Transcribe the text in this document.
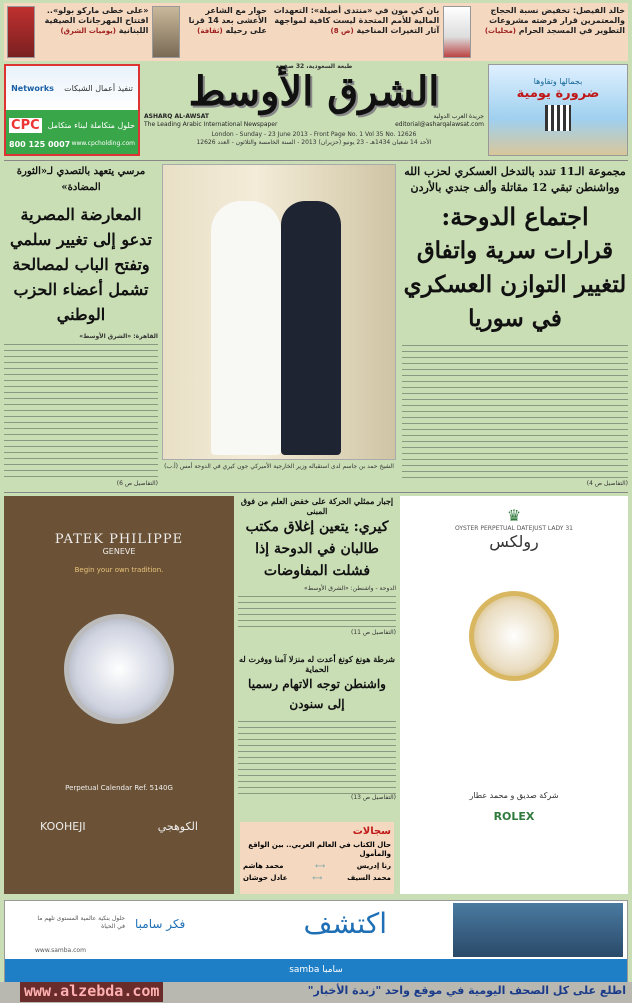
خالد الفيصل: تخفيض نسبة الحجاج والمعتمرين قرار فرضته مشروعات التطوير في المسجد الحرام (محليات)
بان كي مون في «منتدى أصيلة»: التعهدات المالية للأمم المتحدة ليست كافية لمواجهة آثار التغيرات المناخية (ص 8)
حوار مع الشاعر الأعشى بعد 14 قرنا على رحيله (ثقافة)
«على خطى ماركو بولو».. افتتاح المهرجانات الصيفية اللبنانية (يوميات الشرق)
بجمالها وتقاوها
ضرورة يومية
طبعة السعودية، 32 صفحة
الشرق الأوسط
ASHARQ AL-AWSAT	جريدة العرب الدولية
The Leading Arabic International Newspaper	editorial@asharqalawsat.com
London - Sunday - 23 June 2013 - Front Page No. 1 Vol 35 No. 12626
الأحد 14 شعبان 1434هـ - 23 يونيو (حزيران) 2013 - السنة الخامسة والثلاثون - العدد 12626
تنفيذ أعمال الشبكات
Networks
حلول متكاملة لبناء متكامل
CPC
800 125 0007 www.cpcholding.com
مجموعة الـ11 تندد بالتدخل العسكري لحزب الله وواشنطن تبقي 12 مقاتلة وألف جندي بالأردن
اجتماع الدوحة:
قرارات سرية واتفاق لتغيير التوازن العسكري في سوريا
(التفاصيل ص 4)
الشيخ حمد بن جاسم لدى استقباله وزير الخارجية الأميركي جون كيري في الدوحة أمس (أ.ب)
مرسي يتعهد بالتصدي لـ«الثورة المضادة»
المعارضة المصرية تدعو إلى تغيير سلمي وتفتح الباب لمصالحة تشمل أعضاء الحزب الوطني
القاهرة: «الشرق الأوسط»
(التفاصيل ص 6)
PATEK PHILIPPE
GENEVE
Begin your own tradition.
Perpetual Calendar Ref. 5140G
KOOHEJI	الكوهجي
إجبار ممثلي الحركة على خفض العلم من فوق المبنى
كيري: يتعين إغلاق مكتب طالبان في الدوحة إذا فشلت المفاوضات
الدوحة - واشنطن: «الشرق الأوسط»
(التفاصيل ص 11)
شرطة هونغ كونغ أعدت له منزلا آمنا ووفرت له الحماية
واشنطن توجه الاتهام رسميا إلى سنودن
(التفاصيل ص 13)
سجالات
حال الكتاب في العالم العربي.. بين الواقع والمأمول
رنا إدريس
⟷
محمد هاشم
محمد السيف
⟷
عادل حوشان
♛
OYSTER PERPETUAL DATEJUST LADY 31
رولكس
شركة صديق و محمد عطار
ROLEX
اكتشف
فكر سامبا
حلول بنكية عالمية المستوى تلهم ما في الحياة
www.samba.com
samba سامبا
اطلع على كل الصحف اليومية في موقع واحد "زبدة الأخبار"
www.alzebda.com
